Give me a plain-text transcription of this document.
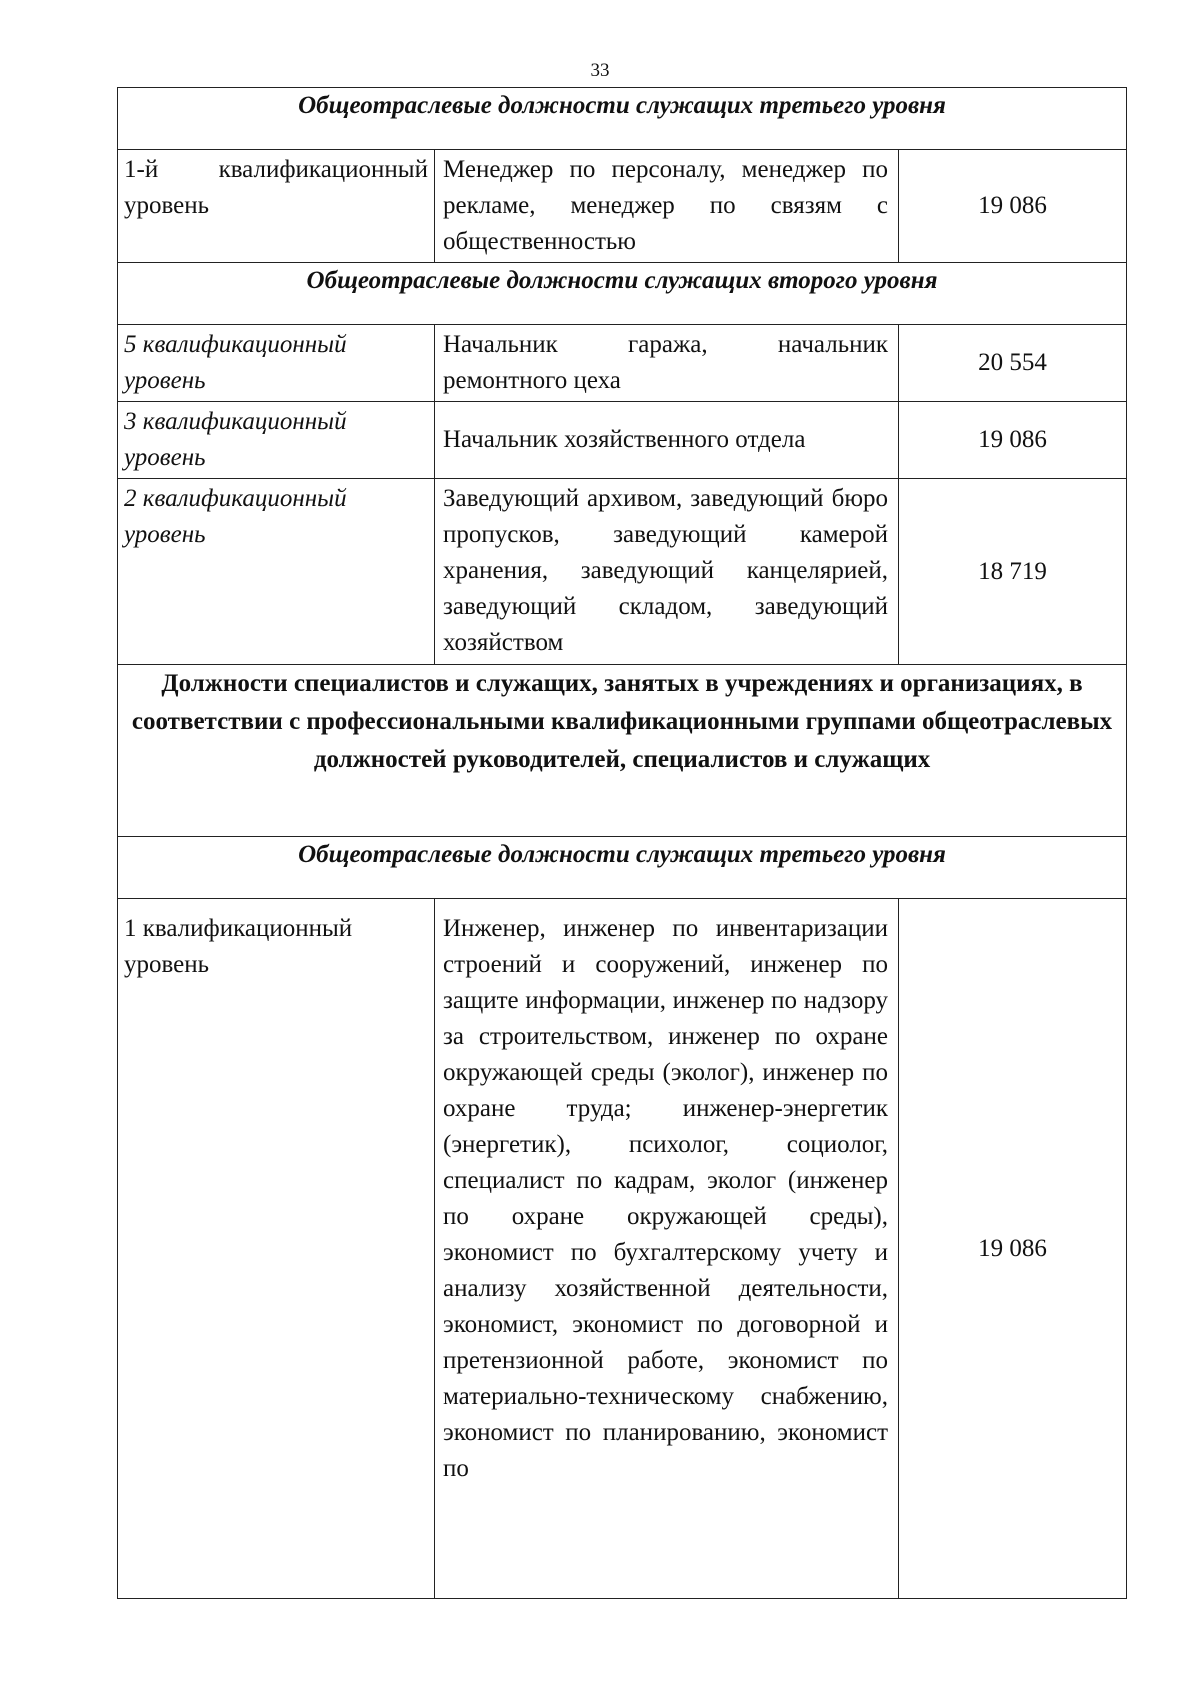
33
Общеотраслевые должности служащих третьего уровня		
1-й квалификационный уровень	Менеджер по персоналу, менеджер по рекламе, менеджер по связям с общественностью	19 086
Общеотраслевые должности служащих второго уровня		
5 квалификационный уровень	Начальник гаража, начальник ремонтного цеха	20 554
3 квалификационный уровень	Начальник хозяйственного отдела	19 086
2 квалификационный уровень	Заведующий архивом, заведующий бюро пропусков, заведующий камерой хранения, заведующий канцелярией, заведующий складом, заведующий хозяйством	18 719
Должности специалистов и служащих, занятых в учреждениях и организациях, в соответствии с профессиональными квалификационными группами общеотраслевых должностей руководителей, специалистов и служащих		
Общеотраслевые должности служащих третьего уровня		
1 квалификационный уровень	Инженер, инженер по инвентаризации строений и сооружений, инженер по защите информации, инженер по надзору за строительством, инженер по охране окружающей среды (эколог), инженер по охране труда; инженер-энергетик (энергетик), психолог, социолог, специалист по кадрам, эколог (инженер по охране окружающей среды), экономист по бухгалтерскому учету и анализу хозяйственной деятельности, экономист, экономист по договорной и претензионной работе, экономист по материально-техническому снабжению, экономист по планированию, экономист по	19 086
